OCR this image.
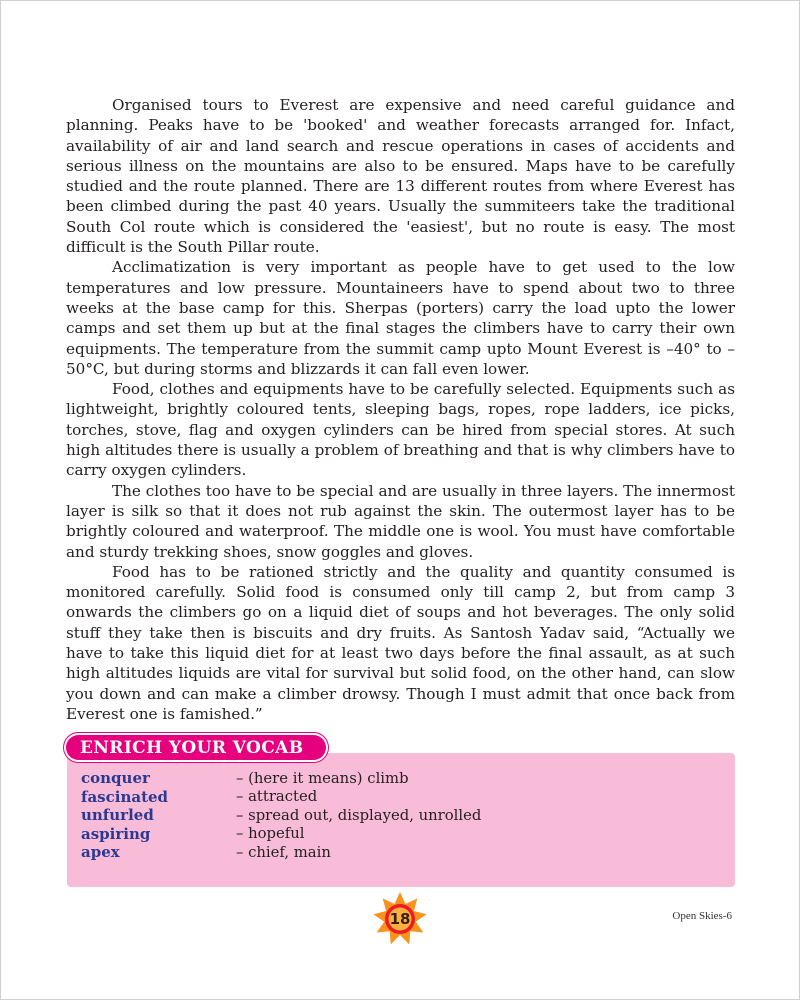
Organised tours to Everest are expensive and need careful guidance and planning. Peaks have to be 'booked' and weather forecasts arranged for. Infact, availability of air and land search and rescue operations in cases of accidents and serious illness on the mountains are also to be ensured. Maps have to be carefully studied and the route planned. There are 13 different routes from where Everest has been climbed during the past 40 years. Usually the summiteers take the traditional South Col route which is considered the 'easiest', but no route is easy. The most difficult is the South Pillar route.

Acclimatization is very important as people have to get used to the low temperatures and low pressure. Mountaineers have to spend about two to three weeks at the base camp for this. Sherpas (porters) carry the load upto the lower camps and set them up but at the final stages the climbers have to carry their own equipments. The temperature from the summit camp upto Mount Everest is –40° to –50°C, but during storms and blizzards it can fall even lower.

Food, clothes and equipments have to be carefully selected. Equipments such as lightweight, brightly coloured tents, sleeping bags, ropes, rope ladders, ice picks, torches, stove, flag and oxygen cylinders can be hired from special stores. At such high altitudes there is usually a problem of breathing and that is why climbers have to carry oxygen cylinders.

The clothes too have to be special and are usually in three layers. The innermost layer is silk so that it does not rub against the skin. The outermost layer has to be brightly coloured and waterproof. The middle one is wool. You must have comfortable and sturdy trekking shoes, snow goggles and gloves.

Food has to be rationed strictly and the quality and quantity consumed is monitored carefully. Solid food is consumed only till camp 2, but from camp 3 onwards the climbers go on a liquid diet of soups and hot beverages. The only solid stuff they take then is biscuits and dry fruits. As Santosh Yadav said, “Actually we have to take this liquid diet for at least two days before the final assault, as at such high altitudes liquids are vital for survival but solid food, on the other hand, can slow you down and can make a climber drowsy. Though I must admit that once back from Everest one is famished.”

ENRICH YOUR VOCAB
conquer	– (here it means) climb
fascinated	– attracted
unfurled	– spread out, displayed, unrolled
aspiring	– hopeful
apex	– chief, main
18	Open Skies-6
